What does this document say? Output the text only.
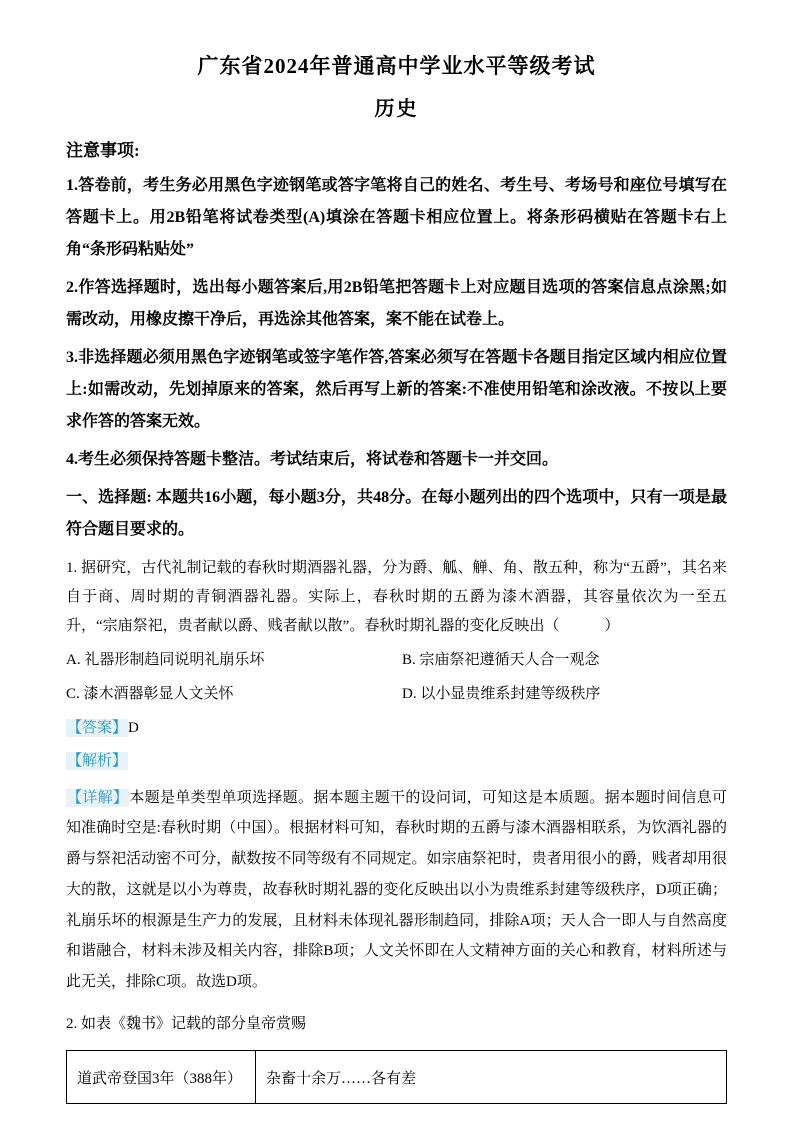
广东省2024年普通高中学业水平等级考试
历史
注意事项:

1.答卷前，考生务必用黑色字迹钢笔或答字笔将自己的姓名、考生号、考场号和座位号填写在答题卡上。用2B铅笔将试卷类型(A)填涂在答题卡相应位置上。将条形码横贴在答题卡右上角“条形码粘贴处”

2.作答选择题时，选出每小题答案后,用2B铅笔把答题卡上对应题目选项的答案信息点涂黑;如需改动，用橡皮擦干净后，再选涂其他答案，案不能在试卷上。

3.非选择题必须用黑色字迹钢笔或签字笔作答,答案必须写在答题卡各题目指定区域内相应位置上:如需改动，先划掉原来的答案，然后再写上新的答案:不准使用铅笔和涂改液。不按以上要求作答的答案无效。

4.考生必须保持答题卡整洁。考试结束后，将试卷和答题卡一并交回。

一、选择题: 本题共16小题，每小题3分，共48分。在每小题列出的四个选项中，只有一项是最符合题目要求的。

1. 据研究，古代礼制记载的春秋时期酒器礼器，分为爵、觚、觯、角、散五种，称为“五爵”，其名来自于商、周时期的青铜酒器礼器。实际上，春秋时期的五爵为漆木酒器，其容量依次为一至五升，“宗庙祭祀，贵者献以爵、贱者献以散”。春秋时期礼器的变化反映出（　　　）

A. 礼器形制趋同说明礼崩乐坏	B. 宗庙祭祀遵循天人合一观念
C. 漆木酒器彰显人文关怀	D. 以小显贵维系封建等级秩序

【答案】D

【解析】

【详解】本题是单类型单项选择题。据本题主题干的设问词，可知这是本质题。据本题时间信息可知准确时空是:春秋时期（中国）。根据材料可知，春秋时期的五爵与漆木酒器相联系，为饮酒礼器的爵与祭祀活动密不可分，献数按不同等级有不同规定。如宗庙祭祀时，贵者用很小的爵，贱者却用很大的散，这就是以小为尊贵，故春秋时期礼器的变化反映出以小为贵维系封建等级秩序，D项正确；礼崩乐坏的根源是生产力的发展，且材料未体现礼器形制趋同，排除A项；天人合一即人与自然高度和谐融合，材料未涉及相关内容，排除B项；人文关怀即在人文精神方面的关心和教育，材料所述与此无关，排除C项。故选D项。

2. 如表《魏书》记载的部分皇帝赏赐

道武帝登国3年（388年）	杂畜十余万……各有差
